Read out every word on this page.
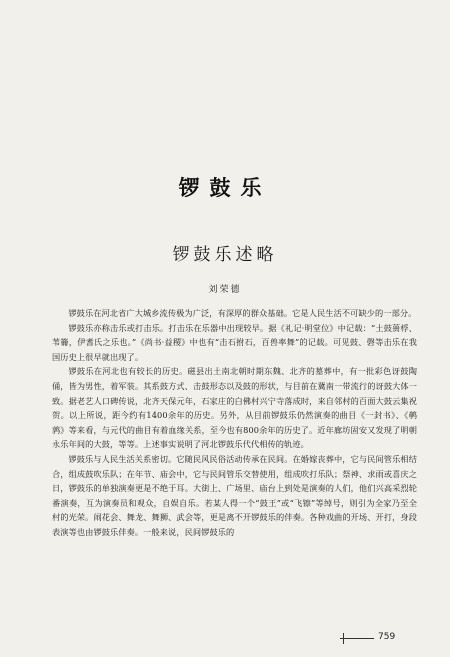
锣鼓乐
锣鼓乐述略
刘荣德

锣鼓乐在河北省广大城乡流传极为广泛，有深厚的群众基础。它是人民生活不可缺少的一部分。

锣鼓乐亦称击乐或打击乐。打击乐在乐器中出现较早。据《礼记·明堂位》中记载：“土鼓蒉桴、苇籥，伊耆氏之乐也。”《尚书·益稷》中也有“击石拊石，百兽率舞”的记载。可见鼓、磬等击乐在我国历史上很早就出现了。

锣鼓乐在河北也有较长的历史。磁县出土南北朝时期东魏、北齐的墓葬中，有一批彩色讶鼓陶俑，皆为男性，着军装。其系鼓方式、击鼓形态以及鼓的形状，与目前在冀南一带流行的讶鼓大体一致。据老艺人口碑传说，北齐天保元年，石家庄的白佛村兴宁寺落成时，来自邻村的百面大鼓云集祝贺。以上所说，距今约有1400余年的历史。另外，从目前锣鼓乐仍然演奏的曲目《一封书》、《鹌鹑》等来看，与元代的曲目有着血缘关系，至今也有800余年的历史了。近年廊坊固安又发现了明朝永乐年间的大鼓，等等。上述事实说明了河北锣鼓乐代代相传的轨迹。

锣鼓乐与人民生活关系密切。它随民风民俗活动传承在民间。在婚嫁丧葬中，它与民间管乐相结合，组成鼓吹乐队；在年节、庙会中，它与民间管乐交替使用，组成吹打乐队；祭神、求雨或喜庆之日，锣鼓乐的单独演奏更是不绝于耳。大街上、广场里、庙台上到处是演奏的人们，他们兴高采烈轮番演奏，互为演奏员和观众，自娱自乐。若某人得一个“鼓王”或“飞镲”等绰号，则引为全家乃至全村的光荣。闹花会、舞龙、舞狮、武会等，更是离不开锣鼓乐的伴奏。各种戏曲的开场、开打，身段表演等也由锣鼓乐伴奏。一般来说，民间锣鼓乐的

759
